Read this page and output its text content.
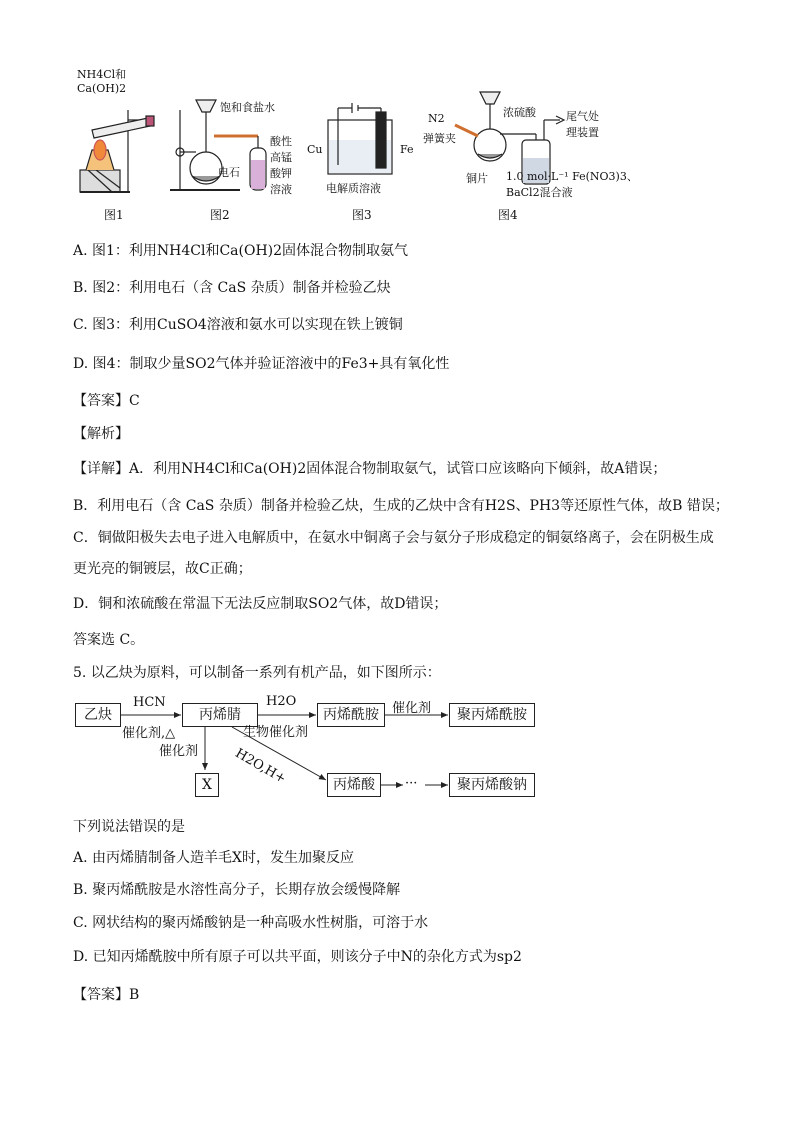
NH4Cl和
Ca(OH)2
图1
饱和食盐水
电石
酸性
高锰
酸钾
溶液
图2
Cu	Fe
电解质溶液
图3
N2
弹簧夹
浓硫酸	尾气处
理装置
铜片 1.0 mol·L⁻¹ Fe(NO3)3、
BaCl2混合液
图4
A. 图1：利用NH4Cl和Ca(OH)2固体混合物制取氨气
B. 图2：利用电石（含 CaS 杂质）制备并检验乙炔
C. 图3：利用CuSO4溶液和氨水可以实现在铁上镀铜
D. 图4：制取少量SO2气体并验证溶液中的Fe3+具有氧化性
【答案】C
【解析】
【详解】A．利用NH4Cl和Ca(OH)2固体混合物制取氨气，试管口应该略向下倾斜，故A错误；
B．利用电石（含 CaS 杂质）制备并检验乙炔，生成的乙炔中含有H2S、PH3等还原性气体，故B 错误；
C．铜做阳极失去电子进入电解质中，在氨水中铜离子会与氨分子形成稳定的铜氨络离子，会在阴极生成
更光亮的铜镀层，故C正确；
D．铜和浓硫酸在常温下无法反应制取SO2气体，故D错误；
答案选 C。
5. 以乙炔为原料，可以制备一系列有机产品，如下图所示：
乙炔
HCN
催化剂,△
丙烯腈
H2O
生物催化剂
丙烯酰胺	催化剂	聚丙烯酰胺
催化剂	H2O,H+
X	丙烯酸	···	聚丙烯酸钠
下列说法错误的是
A. 由丙烯腈制备人造羊毛X时，发生加聚反应
B. 聚丙烯酰胺是水溶性高分子，长期存放会缓慢降解
C. 网状结构的聚丙烯酸钠是一种高吸水性树脂，可溶于水
D. 已知丙烯酰胺中所有原子可以共平面，则该分子中N的杂化方式为sp2
【答案】B
